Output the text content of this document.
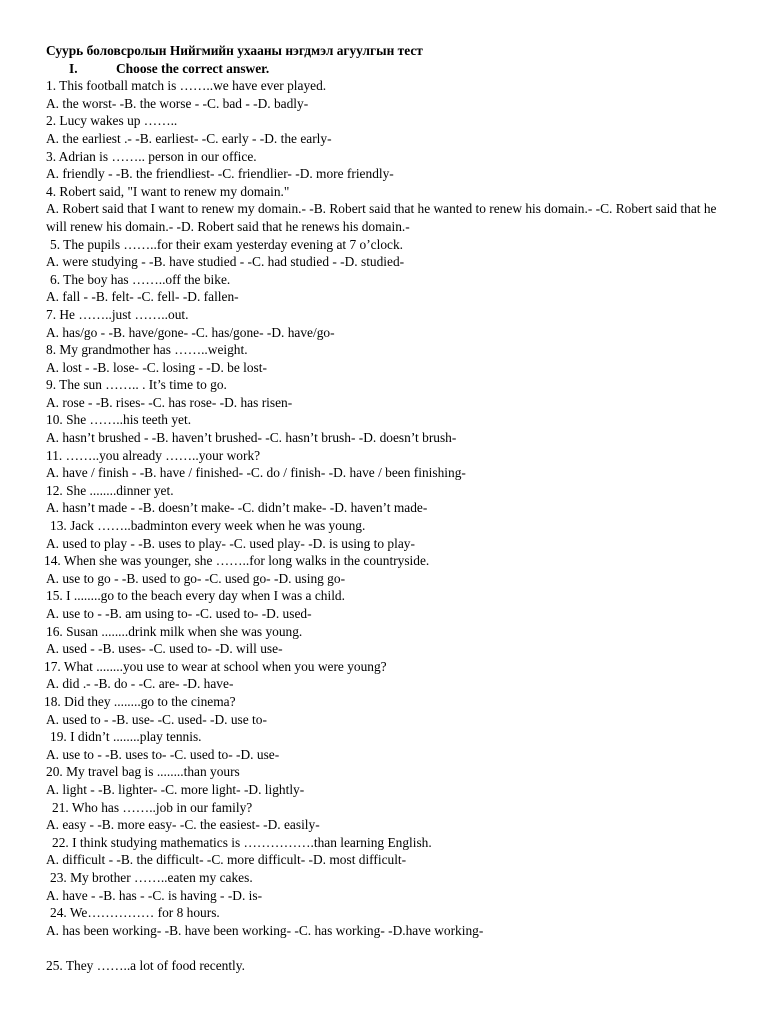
Суурь боловсролын Нийгмийн ухааны нэгдмэл агуулгын тест
I.	Choose the correct answer.
1. This football match is ……..we have ever played.
A. the worst- -B. the worse - -C. bad - -D. badly-
2. Lucy wakes up ……..
A. the earliest .- -B. earliest- -C. early - -D. the early-
3. Adrian is …….. person in our office.
A. friendly - -B. the friendliest- -C. friendlier- -D. more friendly-
4. Robert said, "I want to renew my domain."
A. Robert said that I want to renew my domain.- -B. Robert said that he wanted to renew his domain.- -C. Robert said that he will renew his domain.- -D. Robert said that he renews his domain.-
5. The pupils ……..for their exam yesterday evening at 7 o’clock.
A. were studying - -B. have studied - -C. had studied - -D. studied-
6. The boy has ……..off the bike.
A. fall - -B. felt- -C. fell- -D. fallen-
7. He ……..just ……..out.
A. has/go - -B. have/gone- -C. has/gone- -D. have/go-
8. My grandmother has ……..weight.
A. lost - -B. lose- -C. losing - -D. be lost-
9. The sun …….. . It’s time to go.
A. rose - -B. rises- -C. has rose- -D. has risen-
10. She ……..his teeth yet.
A. hasn’t brushed - -B. haven’t brushed- -C. hasn’t brush- -D. doesn’t brush-
11. ……..you already ……..your work?
A. have / finish - -B. have / finished- -C. do / finish- -D. have / been finishing-
12. She ........dinner yet.
A. hasn’t made - -B. doesn’t make- -C. didn’t make- -D. haven’t made-
13. Jack ……..badminton every week when he was young.
A. used to play - -B. uses to play- -C. used play- -D. is using to play-
14. When she was younger, she ……..for long walks in the countryside.
A. use to go - -B. used to go- -C. used go- -D. using go-
15. I ........go to the beach every day when I was a child.
A. use to - -B. am using to- -C. used to- -D. used-
16. Susan ........drink milk when she was young.
A. used - -B. uses- -C. used to- -D. will use-
17. What ........you use to wear at school when you were young?
A. did .- -B. do - -C. are- -D. have-
18. Did they ........go to the cinema?
A. used to - -B. use- -C. used- -D. use to-
19. I didn’t ........play tennis.
A. use to - -B. uses to- -C. used to- -D. use-
20. My travel bag is ........than yours
A. light - -B. lighter- -C. more light- -D. lightly-
21. Who has ……..job in our family?
A. easy - -B. more easy- -C. the easiest- -D. easily-
22. I think studying mathematics is …………….than learning English.
A. difficult - -B. the difficult- -C. more difficult- -D. most difficult-
23. My brother ……..eaten my cakes.
A. have - -B. has - -C. is having - -D. is-
24. We…………… for 8 hours.
A. has been working- -B. have been working- -C. has working- -D.have working-
25. They ……..a lot of food recently.
